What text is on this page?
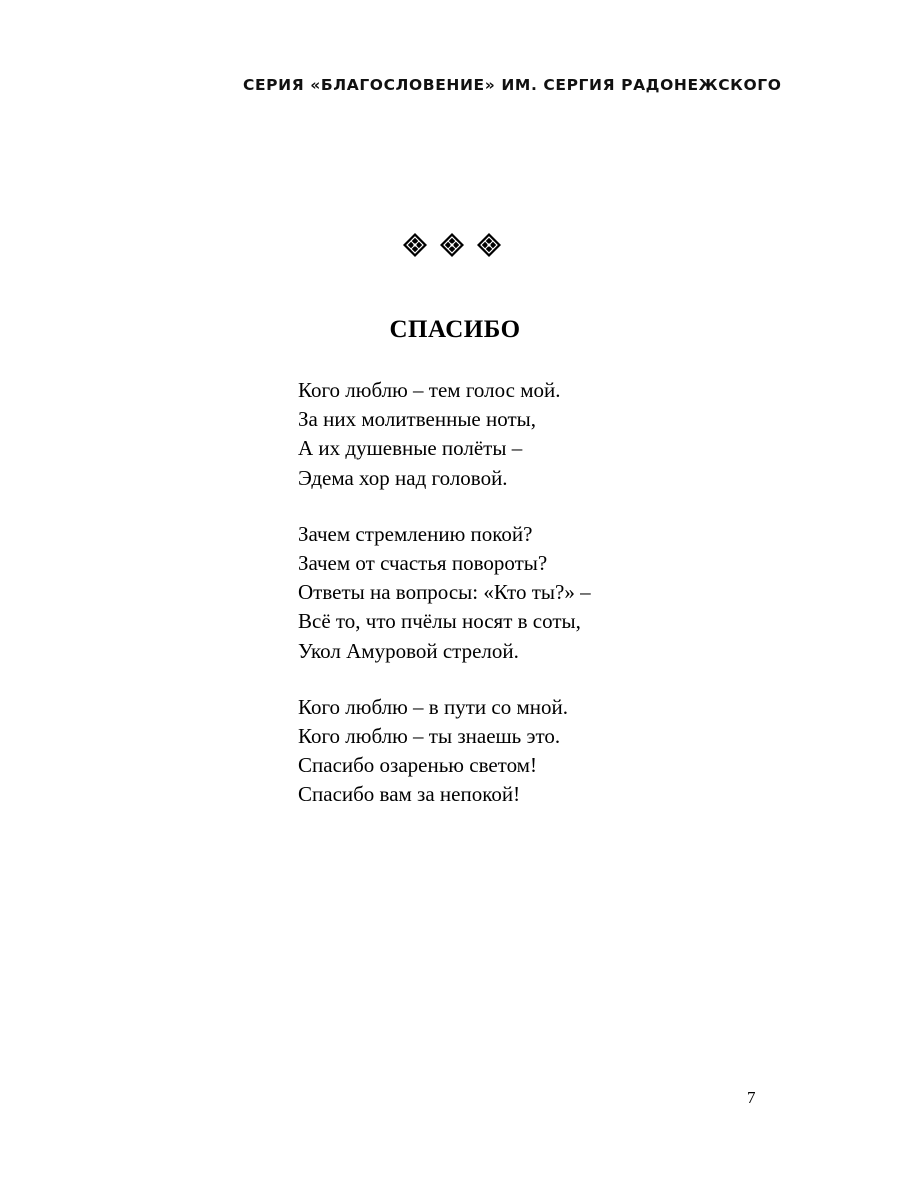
СЕРИЯ «БЛАГОСЛОВЕНИЕ» ИМ. СЕРГИЯ РАДОНЕЖСКОГО
СПАСИБО
Кого люблю – тем голос мой.
За них молитвенные ноты,
А их душевные полёты –
Эдема хор над головой.
Зачем стремлению покой?
Зачем от счастья повороты?
Ответы на вопросы: «Кто ты?» –
Всё то, что пчёлы носят в соты,
Укол Амуровой стрелой.
Кого люблю – в пути со мной.
Кого люблю – ты знаешь это.
Спасибо озаренью светом!
Спасибо вам за непокой!
7
